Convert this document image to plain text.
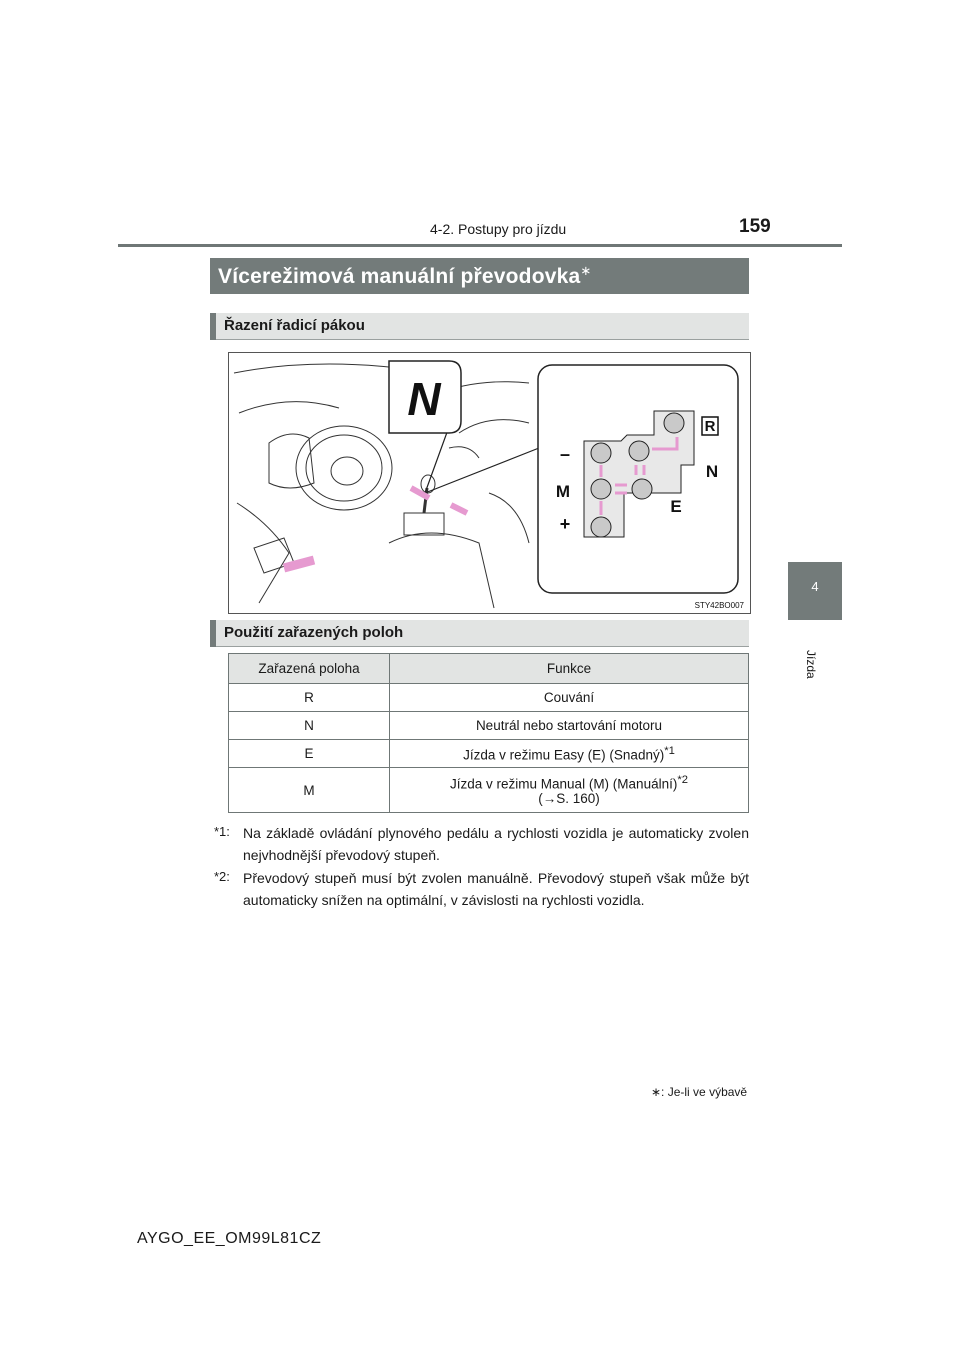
4-2. Postupy pro jízdu	159
4
Jízda
Vícerežimová manuální převodovka∗
Řazení řadicí pákou
N
R
N
E
M
–
+
STY42BO007
Použití zařazených poloh
Zařazená poloha	Funkce
R	Couvání
N	Neutrál nebo startování motoru
E	Jízda v režimu Easy (E) (Snadný)$^{*1}$
M	Jízda v režimu Manual (M) (Manuální)$^{*2}$
(→S. 160)
*1: Na základě ovládání plynového pedálu a rychlosti vozidla je automaticky zvolen nejvhodnější převodový stupeň.
*2: Převodový stupeň musí být zvolen manuálně. Převodový stupeň však může být automaticky snížen na optimální, v závislosti na rychlosti vozidla.
∗: Je-li ve výbavě
AYGO_EE_OM99L81CZ
